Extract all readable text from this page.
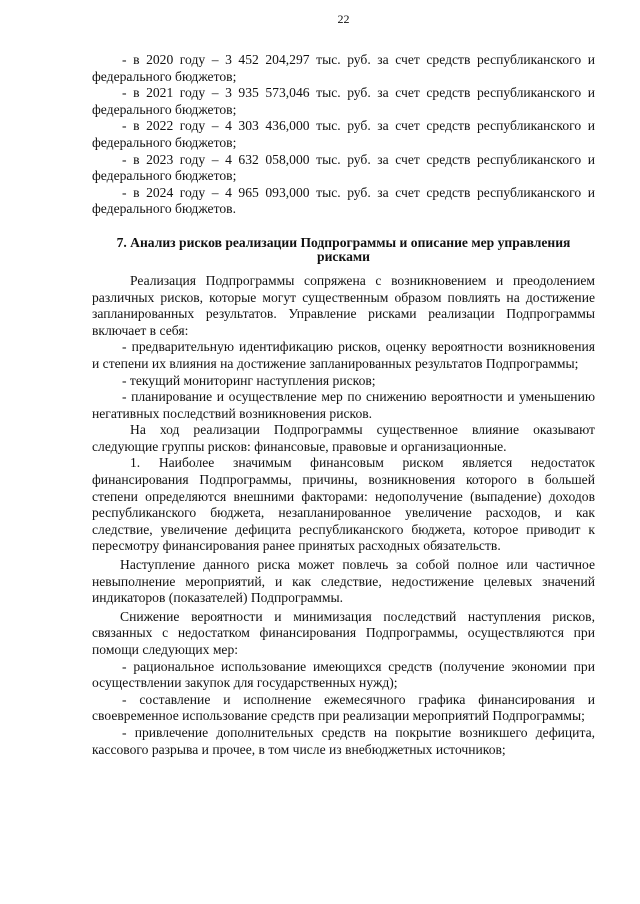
22

- в 2020 году – 3 452 204,297 тыс. руб. за счет средств республиканского и федерального бюджетов;

- в 2021 году – 3 935 573,046 тыс. руб. за счет средств республиканского и федерального бюджетов;

- в 2022 году – 4 303 436,000 тыс. руб. за счет средств республиканского и федерального бюджетов;

- в 2023 году – 4 632 058,000 тыс. руб. за счет средств республиканского и федерального бюджетов;

- в 2024 году – 4 965 093,000 тыс. руб. за счет средств республиканского и федерального бюджетов.

7. Анализ рисков реализации Подпрограммы и описание мер управления рисками

Реализация Подпрограммы сопряжена с возникновением и преодолением различных рисков, которые могут существенным образом повлиять на достижение запланированных результатов. Управление рисками реализации Подпрограммы включает в себя:

- предварительную идентификацию рисков, оценку вероятности возникновения и степени их влияния на достижение запланированных результатов Подпрограммы;

- текущий мониторинг наступления рисков;

- планирование и осуществление мер по снижению вероятности и уменьшению негативных последствий возникновения рисков.

На ход реализации Подпрограммы существенное влияние оказывают следующие группы рисков: финансовые, правовые и организационные.

1. Наиболее значимым финансовым риском является недостаток финансирования Подпрограммы, причины, возникновения которого в большей степени определяются внешними факторами: недополучение (выпадение) доходов республиканского бюджета, незапланированное увеличение расходов, и как следствие, увеличение дефицита республиканского бюджета, которое приводит к пересмотру финансирования ранее принятых расходных обязательств.

Наступление данного риска может повлечь за собой полное или частичное невыполнение мероприятий, и как следствие, недостижение целевых значений индикаторов (показателей) Подпрограммы.

Снижение вероятности и минимизация последствий наступления рисков, связанных с недостатком финансирования Подпрограммы, осуществляются при помощи следующих мер:

- рациональное использование имеющихся средств (получение экономии при осуществлении закупок для государственных нужд);

- составление и исполнение ежемесячного графика финансирования и своевременное использование средств при реализации мероприятий Подпрограммы;

- привлечение дополнительных средств на покрытие возникшего дефицита, кассового разрыва и прочее, в том числе из внебюджетных источников;
